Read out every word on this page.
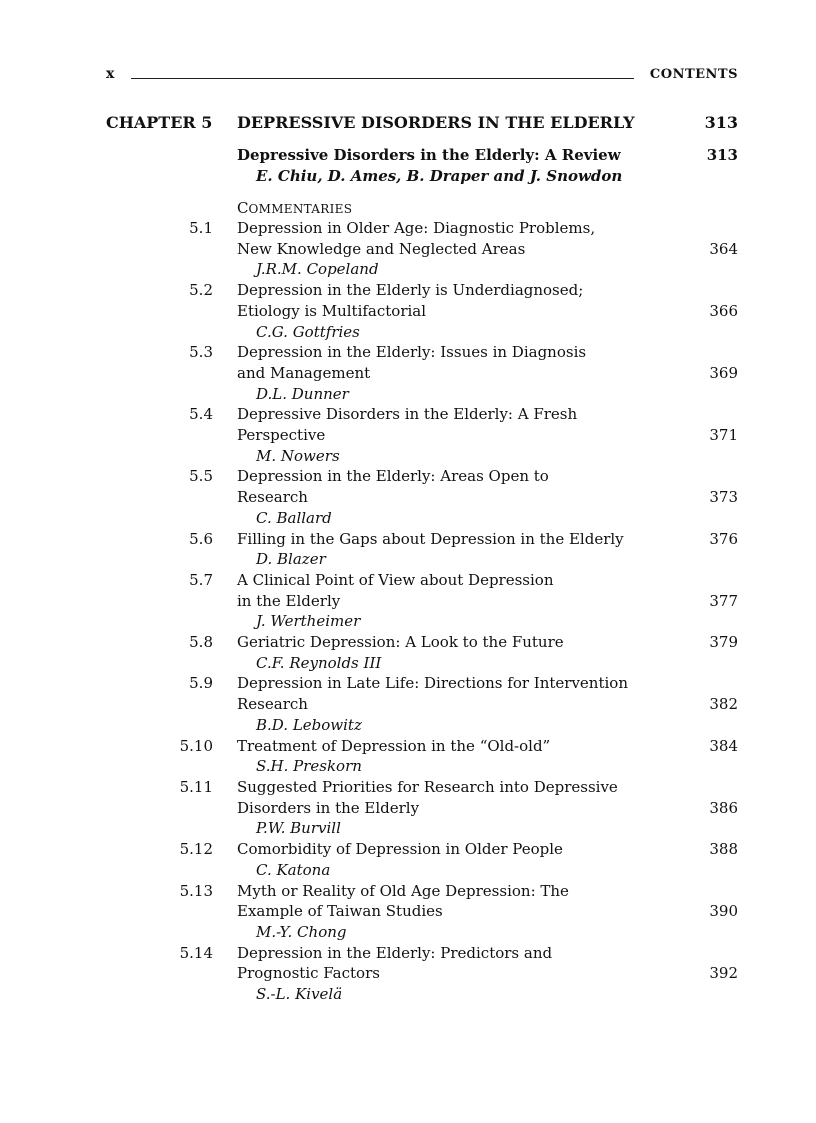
x	CONTENTS
CHAPTER 5 DEPRESSIVE DISORDERS IN THE ELDERLY	313
Depressive Disorders in the Elderly: A Review
E. Chiu, D. Ames, B. Draper and J. Snowdon
313
COMMENTARIES
5.1 Depression in Older Age: Diagnostic Problems,
New Knowledge and Neglected Areas
J.R.M. Copeland
364
5.2 Depression in the Elderly is Underdiagnosed;
Etiology is Multifactorial
C.G. Gottfries
366
5.3 Depression in the Elderly: Issues in Diagnosis
and Management
D.L. Dunner
369
5.4 Depressive Disorders in the Elderly: A Fresh
Perspective
M. Nowers
371
5.5 Depression in the Elderly: Areas Open to
Research
C. Ballard
373
5.6 Filling in the Gaps about Depression in the Elderly
D. Blazer
376
5.7 A Clinical Point of View about Depression
in the Elderly
J. Wertheimer
377
5.8 Geriatric Depression: A Look to the Future
C.F. Reynolds III
379
5.9 Depression in Late Life: Directions for Intervention
Research
B.D. Lebowitz
382
5.10 Treatment of Depression in the “Old-old”
S.H. Preskorn
384
5.11 Suggested Priorities for Research into Depressive
Disorders in the Elderly
P.W. Burvill
386
5.12 Comorbidity of Depression in Older People
C. Katona
388
5.13 Myth or Reality of Old Age Depression: The
Example of Taiwan Studies
M.-Y. Chong
390
5.14 Depression in the Elderly: Predictors and
Prognostic Factors
S.-L. Kivelä
392
